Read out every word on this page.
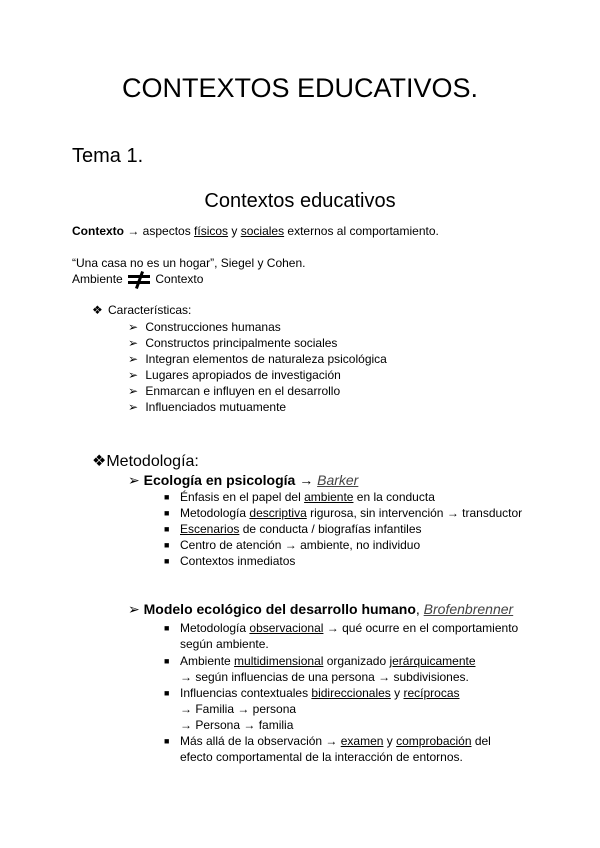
CONTEXTOS EDUCATIVOS.
Tema 1.
Contextos educativos
Contexto → aspectos físicos y sociales externos al comportamiento.
“Una casa no es un hogar”, Siegel y Cohen.
Ambiente	Contexto
❖ Características:
➢ Construcciones humanas
➢ Constructos principalmente sociales
➢ Integran elementos de naturaleza psicológica
➢ Lugares apropiados de investigación
➢ Enmarcan e influyen en el desarrollo
➢ Influenciados mutuamente
❖Metodología:
➢ Ecología en psicología → Barker
■ Énfasis en el papel del ambiente en la conducta
■ Metodología descriptiva rigurosa, sin intervención → transductor
■ Escenarios de conducta / biografías infantiles
■ Centro de atención → ambiente, no individuo
■ Contextos inmediatos
➢ Modelo ecológico del desarrollo humano, Brofenbrenner
■ Metodología observacional → qué ocurre en el comportamiento
según ambiente.
■ Ambiente multidimensional organizado jerárquicamente
→ según influencias de una persona → subdivisiones.
■ Influencias contextuales bidireccionales y recíprocas
→ Familia → persona
→ Persona → familia
■ Más allá de la observación → examen y comprobación del
efecto comportamental de la interacción de entornos.
